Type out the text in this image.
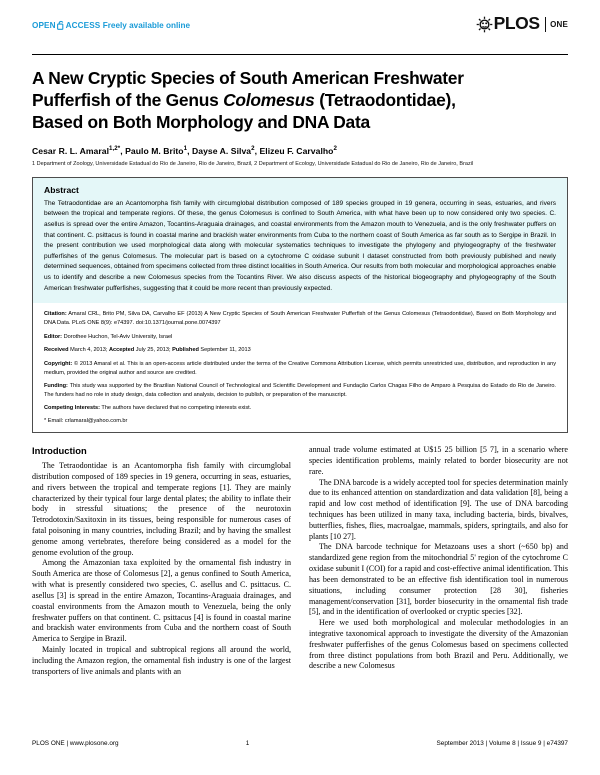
OPEN ACCESS Freely available online	PLOS ONE
A New Cryptic Species of South American Freshwater
Pufferfish of the Genus Colomesus (Tetraodontidae),
Based on Both Morphology and DNA Data
Cesar R. L. Amaral$^{1,2*}$, Paulo M. Brito$^1$, Dayse A. Silva$^2$, Elizeu F. Carvalho$^2$
1 Department of Zoology, Universidade Estadual do Rio de Janeiro, Rio de Janeiro, Brazil, 2 Department of Ecology, Universidade Estadual do Rio de Janeiro, Rio de Janeiro, Brazil
Abstract

The Tetraodontidae are an Acantomorpha fish family with circumglobal distribution composed of 189 species grouped in 19 genera, occurring in seas, estuaries, and rivers between the tropical and temperate regions. Of these, the genus Colomesus is confined to South America, with what have been up to now considered only two species. C. asellus is spread over the entire Amazon, Tocantins-Araguaia drainages, and coastal environments from the Amazon mouth to Venezuela, and is the only freshwater puffers on that continent. C. psittacus is found in coastal marine and brackish water environments from Cuba to the northern coast of South America as far south as to Sergipe in Brazil. In the present contribution we used morphological data along with molecular systematics techniques to investigate the phylogeny and phylogeography of the freshwater pufferfishes of the genus Colomesus. The molecular part is based on a cytochrome C oxidase subunit I dataset constructed from both previously published and newly determined sequences, obtained from specimens collected from three distinct localities in South America. Our results from both molecular and morphological approaches enable us to identify and describe a new Colomesus species from the Tocantins River. We also discuss aspects of the historical biogeography and phylogeography of the South American freshwater pufferfishes, suggesting that it could be more recent than previously expected.

Citation: Amaral CRL, Brito PM, Silva DA, Carvalho EF (2013) A New Cryptic Species of South American Freshwater Pufferfish of the Genus Colomesus (Tetraodontidae), Based on Both Morphology and DNA Data. PLoS ONE 8(9): e74397. doi:10.1371/journal.pone.0074397

Editor: Dorothee Huchon, Tel-Aviv University, Israel

Received March 4, 2013; Accepted July 25, 2013; Published September 11, 2013

Copyright: © 2013 Amaral et al. This is an open-access article distributed under the terms of the Creative Commons Attribution License, which permits unrestricted use, distribution, and reproduction in any medium, provided the original author and source are credited.

Funding: This study was supported by the Brazilian National Council of Technological and Scientific Development and Fundação Carlos Chagas Filho de Amparo à Pesquisa do Estado do Rio de Janeiro. The funders had no role in study design, data collection and analysis, decision to publish, or preparation of the manuscript.

Competing Interests: The authors have declared that no competing interests exist.

* Email: crlamaral@yahoo.com.br

Introduction

The Tetraodontidae is an Acantomorpha fish family with circumglobal distribution composed of 189 species in 19 genera, occurring in seas, estuaries, and rivers between the tropical and temperate regions [1]. They are mainly characterized by their typical four large dental plates; the ability to inflate their body in stressful situations; the presence of the neurotoxin Tetrodotoxin/Saxitoxin in its tissues, being responsible for numerous cases of fatal poisoning in many countries, including Brazil; and by having the smallest genome among vertebrates, therefore being considered as a model for the genome evolution of the group.

Among the Amazonian taxa exploited by the ornamental fish industry in South America are those of Colomesus [2], a genus confined to South America, with what is presently considered two species, C. asellus and C. psittacus. C. asellus [3] is spread in the entire Amazon, Tocantins-Araguaia drainages, and coastal environments from the Amazon mouth to Venezuela, being the only freshwater puffers on that continent. C. psittacus [4] is found in coastal marine and brackish water environments from Cuba and the northern coast of South America to Sergipe in Brazil.

Mainly located in tropical and subtropical regions all around the world, including the Amazon region, the ornamental fish industry is one of the largest transporters of live animals and plants with an

annual trade volume estimated at U$15 25 billion [5 7], in a scenario where species identification problems, mainly related to border biosecurity are not rare.

The DNA barcode is a widely accepted tool for species determination mainly due to its enhanced attention on standardization and data validation [8], being a rapid and low cost method of identification [9]. The use of DNA barcoding techniques has been utilized in many taxa, including bacteria, birds, bivalves, butterflies, fishes, flies, macroalgae, mammals, spiders, springtails, and also for plants [10 27].

The DNA barcode technique for Metazoans uses a short (~650 bp) and standardized gene region from the mitochondrial 5' region of the cytochrome C oxidase subunit I (COI) for a rapid and cost-effective animal identification. This has been demonstrated to be an effective fish identification tool in numerous situations, including consumer protection [28 30], fisheries management/conservation [31], border biosecurity in the ornamental fish trade [5], and in the identification of overlooked or cryptic species [32].

Here we used both morphological and molecular methodologies in an integrative taxonomical approach to investigate the diversity of the Amazonian freshwater pufferfishes of the genus Colomesus based on specimens collected from three distinct populations from both Brazil and Peru. Additionally, we describe a new Colomesus

PLOS ONE | www.plosone.org	1	September 2013 | Volume 8 | Issue 9 | e74397
